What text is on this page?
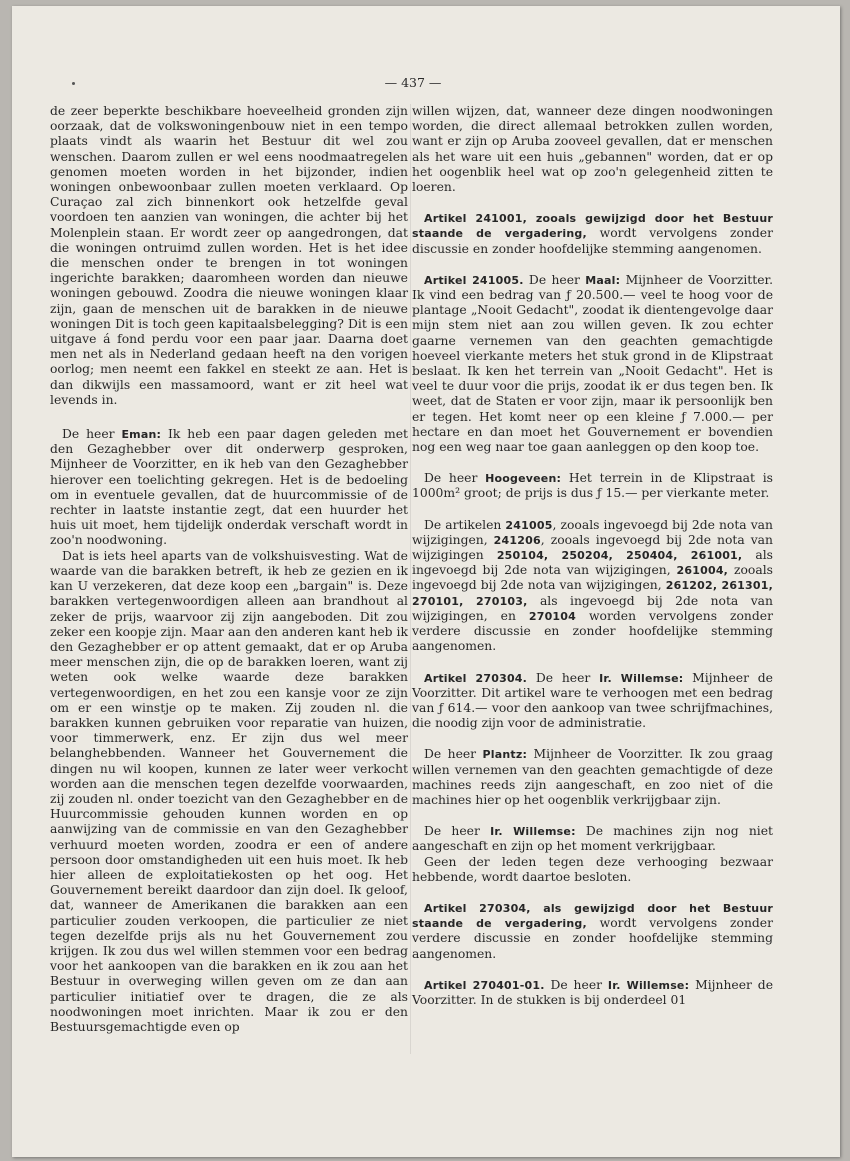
— 437 —

de zeer beperkte beschikbare hoeveelheid gronden zijn oorzaak, dat de volkswoningenbouw niet in een tempo plaats vindt als waarin het Bestuur dit wel zou wenschen. Daarom zullen er wel eens noodmaatregelen genomen moeten worden in het bijzonder, indien woningen onbewoonbaar zullen moeten verklaard. Op Curaçao zal zich binnenkort ook hetzelfde geval voordoen ten aanzien van woningen, die achter bij het Molenplein staan. Er wordt zeer op aangedrongen, dat die woningen ontruimd zullen worden. Het is het idee die menschen onder te brengen in tot woningen ingerichte barakken; daaromheen worden dan nieuwe woningen gebouwd. Zoodra die nieuwe woningen klaar zijn, gaan de menschen uit de barakken in de nieuwe woningen Dit is toch geen kapitaalsbelegging? Dit is een uitgave á fond perdu voor een paar jaar. Daarna doet men net als in Nederland gedaan heeft na den vorigen oorlog; men neemt een fakkel en steekt ze aan. Het is dan dikwijls een massamoord, want er zit heel wat levends in.

De heer Eman: Ik heb een paar dagen geleden met den Gezaghebber over dit onderwerp gesproken, Mijnheer de Voorzitter, en ik heb van den Gezaghebber hierover een toelichting gekregen. Het is de bedoeling om in eventuele gevallen, dat de huurcommissie of de rechter in laatste instantie zegt, dat een huurder het huis uit moet, hem tijdelijk onderdak verschaft wordt in zoo'n noodwoning.

Dat is iets heel aparts van de volkshuisvesting. Wat de waarde van die barakken betreft, ik heb ze gezien en ik kan U verzekeren, dat deze koop een „bargain" is. Deze barakken vertegenwoordigen alleen aan brandhout al zeker de prijs, waarvoor zij zijn aangeboden. Dit zou zeker een koopje zijn. Maar aan den anderen kant heb ik den Gezaghebber er op attent gemaakt, dat er op Aruba meer menschen zijn, die op de barakken loeren, want zij weten ook welke waarde deze barakken vertegenwoordigen, en het zou een kansje voor ze zijn om er een winstje op te maken. Zij zouden nl. die barakken kunnen gebruiken voor reparatie van huizen, voor timmerwerk, enz. Er zijn dus wel meer belanghebbenden. Wanneer het Gouvernement die dingen nu wil koopen, kunnen ze later weer verkocht worden aan die menschen tegen dezelfde voorwaarden, zij zouden nl. onder toezicht van den Gezaghebber en de Huurcommissie gehouden kunnen worden en op aanwijzing van de commissie en van den Gezaghebber verhuurd moeten worden, zoodra er een of andere persoon door omstandigheden uit een huis moet. Ik heb hier alleen de exploitatiekosten op het oog. Het Gouvernement bereikt daardoor dan zijn doel. Ik geloof, dat, wanneer de Amerikanen die barakken aan een particulier zouden verkoopen, die particulier ze niet tegen dezelfde prijs als nu het Gouvernement zou krijgen. Ik zou dus wel willen stemmen voor een bedrag voor het aankoopen van die barakken en ik zou aan het Bestuur in overweging willen geven om ze dan aan particulier initiatief over te dragen, die ze als noodwoningen moet inrichten. Maar ik zou er den Bestuursgemachtigde even op

willen wijzen, dat, wanneer deze dingen noodwoningen worden, die direct allemaal betrokken zullen worden, want er zijn op Aruba zooveel gevallen, dat er menschen als het ware uit een huis „gebannen" worden, dat er op het oogenblik heel wat op zoo'n gelegenheid zitten te loeren.

Artikel 241001, zooals gewijzigd door het Bestuur staande de vergadering, wordt vervolgens zonder discussie en zonder hoofdelijke stemming aangenomen.

Artikel 241005. De heer Maal: Mijnheer de Voorzitter. Ik vind een bedrag van ƒ 20.500.— veel te hoog voor de plantage „Nooit Gedacht", zoodat ik dientengevolge daar mijn stem niet aan zou willen geven. Ik zou echter gaarne vernemen van den geachten gemachtigde hoeveel vierkante meters het stuk grond in de Klipstraat beslaat. Ik ken het terrein van „Nooit Gedacht". Het is veel te duur voor die prijs, zoodat ik er dus tegen ben. Ik weet, dat de Staten er voor zijn, maar ik persoonlijk ben er tegen. Het komt neer op een kleine ƒ 7.000.— per hectare en dan moet het Gouvernement er bovendien nog een weg naar toe gaan aanleggen op den koop toe.

De heer Hoogeveen: Het terrein in de Klipstraat is 1000m² groot; de prijs is dus ƒ 15.— per vierkante meter.

De artikelen 241005, zooals ingevoegd bij 2de nota van wijzigingen, 241206, zooals ingevoegd bij 2de nota van wijzigingen 250104, 250204, 250404, 261001, als ingevoegd bij 2de nota van wijzigingen, 261004, zooals ingevoegd bij 2de nota van wijzigingen, 261202, 261301, 270101, 270103, als ingevoegd bij 2de nota van wijzigingen, en 270104 worden vervolgens zonder verdere discussie en zonder hoofdelijke stemming aangenomen.

Artikel 270304. De heer Ir. Willemse: Mijnheer de Voorzitter. Dit artikel ware te verhoogen met een bedrag van ƒ 614.— voor den aankoop van twee schrijfmachines, die noodig zijn voor de administratie.

De heer Plantz: Mijnheer de Voorzitter. Ik zou graag willen vernemen van den geachten gemachtigde of deze machines reeds zijn aangeschaft, en zoo niet of die machines hier op het oogenblik verkrijgbaar zijn.

De heer Ir. Willemse: De machines zijn nog niet aangeschaft en zijn op het moment verkrijgbaar.

Geen der leden tegen deze verhooging bezwaar hebbende, wordt daartoe besloten.

Artikel 270304, als gewijzigd door het Bestuur staande de vergadering, wordt vervolgens zonder verdere discussie en zonder hoofdelijke stemming aangenomen.

Artikel 270401-01. De heer Ir. Willemse: Mijnheer de Voorzitter. In de stukken is bij onderdeel 01
